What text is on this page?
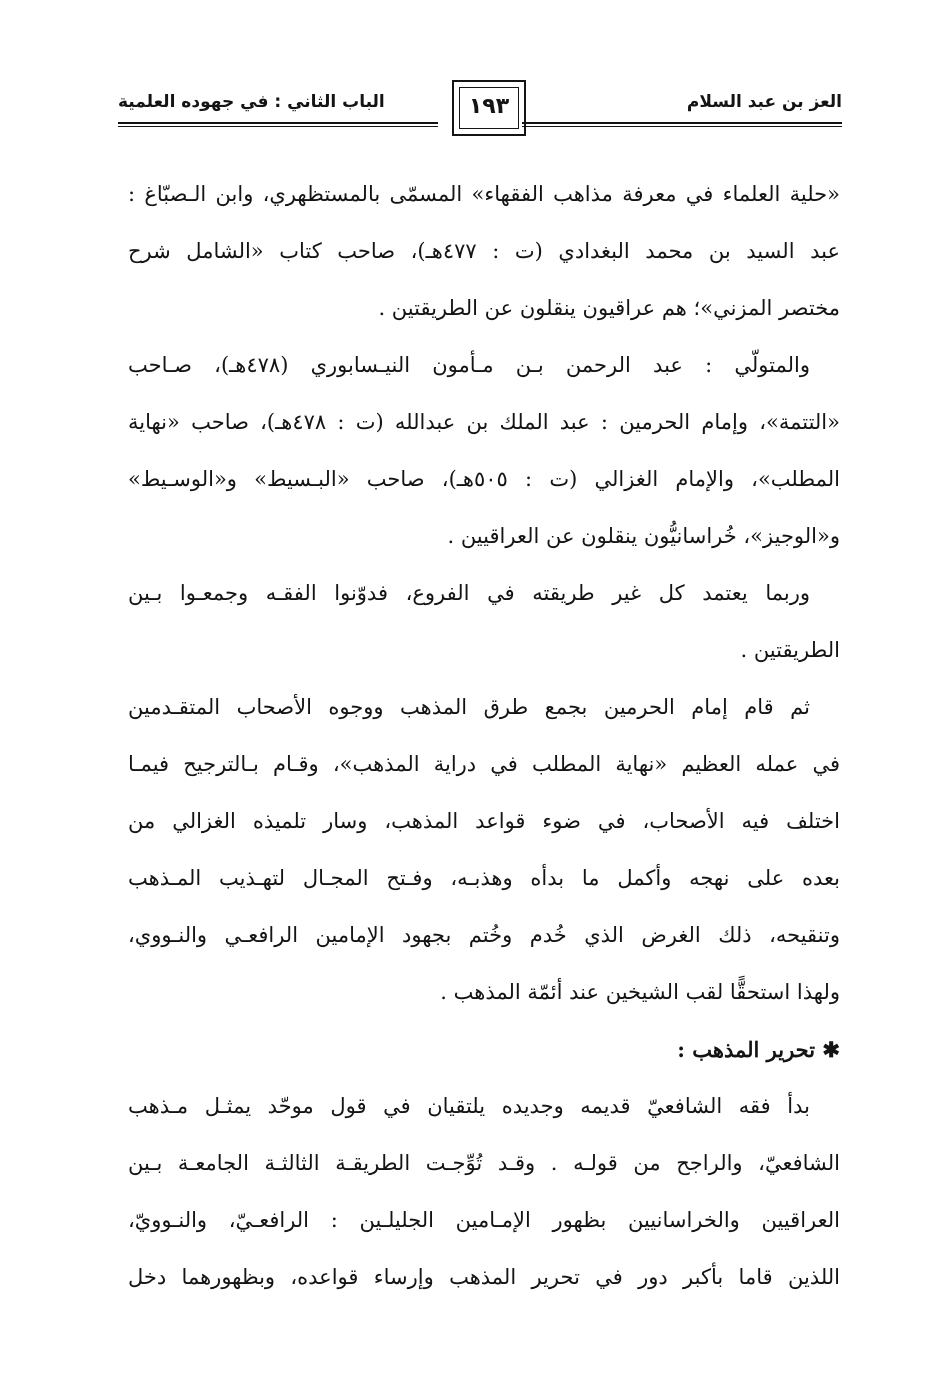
العز بن عبد السلام
الباب الثاني : في جهوده العلمية	١٩٣
«حلية العلماء في معرفة مذاهب الفقهاء» المسمّى بالمستظهري، وابن الـصبّاغ :
عبد السيد بن محمد البغدادي (ت : ٤٧٧هـ)، صاحب كتاب «الشامل شرح
مختصر المزني»؛ هم عراقيون ينقلون عن الطريقتين .
والمتولّي : عبد الرحمن بـن مـأمون النيـسابوري (٤٧٨هـ)، صـاحب
«التتمة»، وإمام الحرمين : عبد الملك بن عبدالله (ت : ٤٧٨هـ)، صاحب «نهاية
المطلب»، والإمام الغزالي (ت : ٥٠٥هـ)، صاحب «البـسيط» و«الوسـيط»
و«الوجيز»، خُراسانيُّون ينقلون عن العراقيين .
وربما يعتمد كل غير طريقته في الفروع، فدوّنوا الفقـه وجمعـوا بـين
الطريقتين .
ثم قام إمام الحرمين بجمع طرق المذهب ووجوه الأصحاب المتقـدمين
في عمله العظيم «نهاية المطلب في دراية المذهب»، وقـام بـالترجيح فيمـا
اختلف فيه الأصحاب، في ضوء قواعد المذهب، وسار تلميذه الغزالي من
بعده على نهجه وأكمل ما بدأه وهذبـه، وفـتح المجـال لتهـذيب المـذهب
وتنقيحه، ذلك الغرض الذي خُدم وخُتم بجهود الإمامين الرافعـي والنـووي،
ولهذا استحقًّا لقب الشيخين عند أئمّة المذهب .
✱ تحرير المذهب :
بدأ فقه الشافعيّ قديمه وجديده يلتقيان في قول موحّد يمثـل مـذهب
الشافعيّ، والراجح من قولـه . وقـد تُوِّجـت الطريقـة الثالثـة الجامعـة بـين
العراقيين والخراسانيين بظهور الإمـامين الجليلـين : الرافعـيّ، والنـوويّ،
اللذين قاما بأكبر دور في تحرير المذهب وإرساء قواعده، وبظهورهما دخل
